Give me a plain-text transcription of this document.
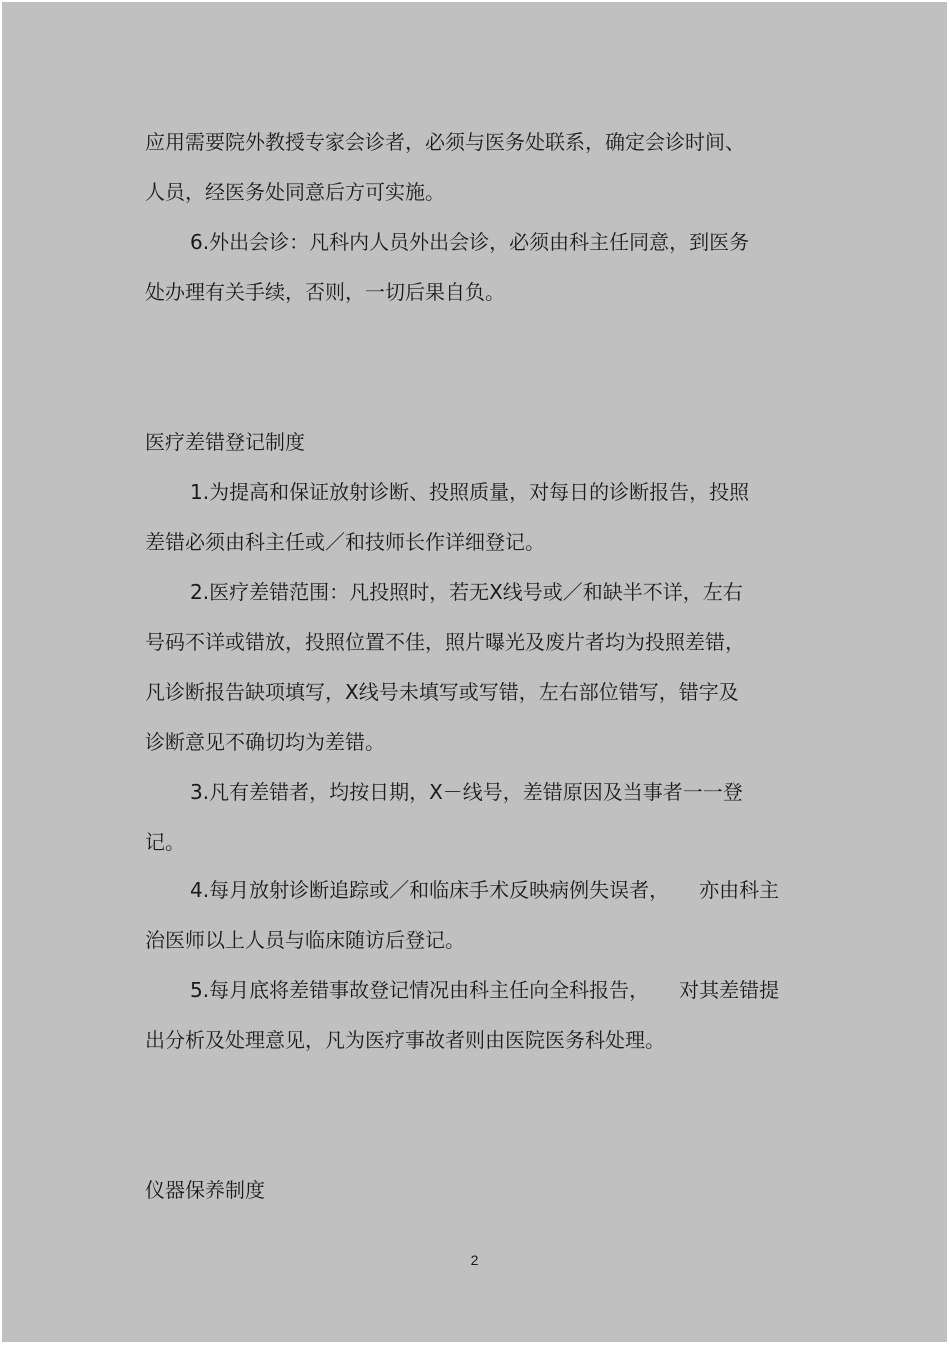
应用需要院外教授专家会诊者，必须与医务处联系，确定会诊时间、
人员，经医务处同意后方可实施。
6.外出会诊：凡科内人员外出会诊，必须由科主任同意，到医务
处办理有关手续，否则，一切后果自负。
医疗差错登记制度
1.为提高和保证放射诊断、投照质量，对每日的诊断报告，投照
差错必须由科主任或／和技师长作详细登记。
2.医疗差错范围：凡投照时，若无X线号或／和缺半不详，左右
号码不详或错放，投照位置不佳，照片曝光及废片者均为投照差错，
凡诊断报告缺项填写，X线号未填写或写错，左右部位错写，错字及
诊断意见不确切均为差错。
3.凡有差错者，均按日期，X－线号，差错原因及当事者一一登
记。
4.每月放射诊断追踪或／和临床手术反映病例失误者，　　亦由科主
治医师以上人员与临床随访后登记。
5.每月底将差错事故登记情况由科主任向全科报告，　　对其差错提
出分析及处理意见，凡为医疗事故者则由医院医务科处理。
仪器保养制度
2
